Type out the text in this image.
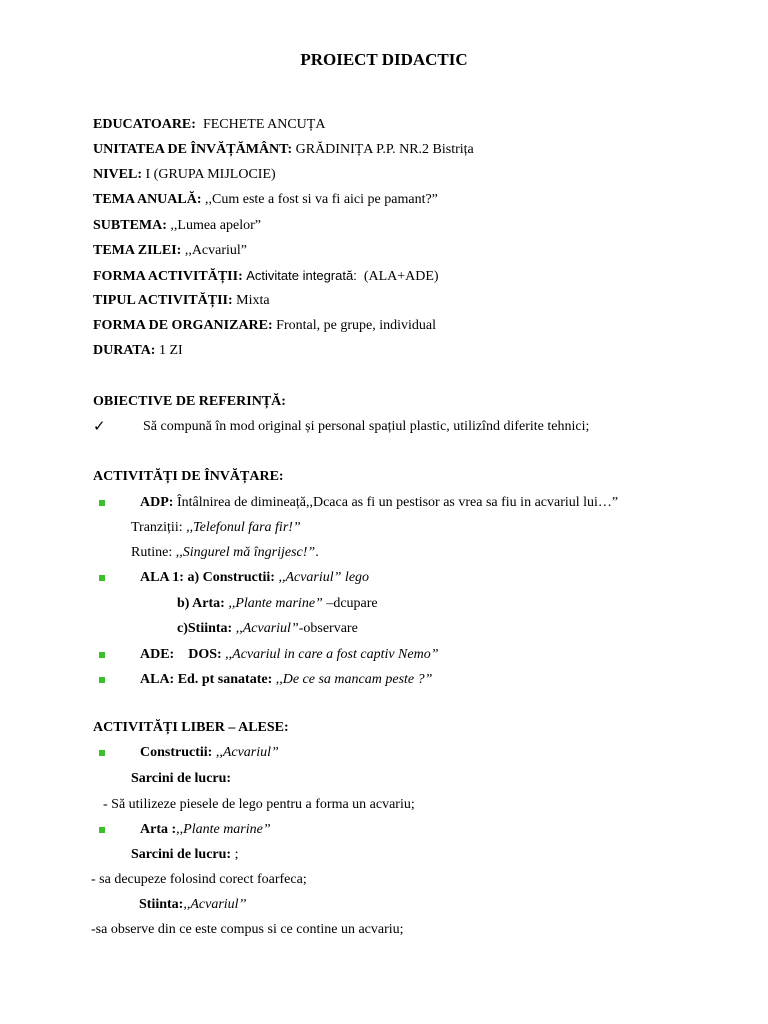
PROIECT DIDACTIC
EDUCATOARE: FECHETE ANCUȚA
UNITATEA DE ÎNVĂȚĂMÂNT: GRĂDINIȚA P.P. NR.2 Bistrița
NIVEL: I (GRUPA MIJLOCIE)
TEMA ANUALĂ: ,,Cum este a fost si va fi aici pe pamant?”
SUBTEMA: ,,Lumea apelor”
TEMA ZILEI: ,,Acvariul”
FORMA ACTIVITĂȚII: Activitate integrată: (ALA+ADE)
TIPUL ACTIVITĂȚII: Mixta
FORMA DE ORGANIZARE: Frontal, pe grupe, individual
DURATA: 1 ZI
OBIECTIVE DE REFERINȚĂ:
✓	Să compună în mod original și personal spațiul plastic, utilizînd diferite tehnici;
ACTIVITĂȚI DE ÎNVĂȚARE:
ADP: Întâlnirea de dimineață,,Dcaca as fi un pestisor as vrea sa fiu in acvariul lui…”
Tranziții: ,,Telefonul fara fir!”
Rutine: ,,Singurel mă îngrijesc!”.
ALA 1: a) Constructii: ,,Acvariul” lego
b) Arta: ,,Plante marine” –dcupare
c)Stiinta: ,,Acvariul”-observare
ADE:    DOS: ,,Acvariul in care a fost captiv Nemo”
ALA: Ed. pt sanatate: ,,De ce sa mancam peste ?”
ACTIVITĂȚI LIBER – ALESE:
Constructii: ,,Acvariul”
Sarcini de lucru:
- Să utilizeze piesele de lego pentru a forma un acvariu;
Arta :,,Plante marine”
Sarcini de lucru: ;
- sa decupeze folosind corect foarfeca;
Stiinta:,,Acvariul’’
-sa observe din ce este compus si ce contine un acvariu;
